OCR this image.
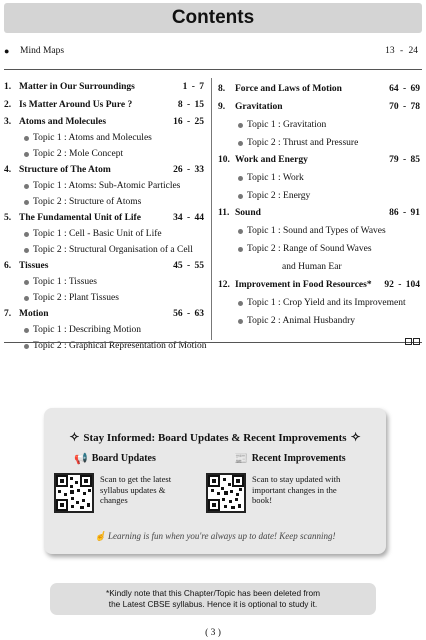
Contents
● Mind Maps	13 - 24
1. Matter in Our Surroundings	1 - 7
2. Is Matter Around Us Pure ?	8 - 15
3. Atoms and Molecules	16 - 25
Topic 1 : Atoms and Molecules
Topic 2 : Mole Concept
4. Structure of The Atom	26 - 33
Topic 1 : Atoms: Sub-Atomic Particles
Topic 2 : Structure of Atoms
5. The Fundamental Unit of Life	34 - 44
Topic 1 : Cell - Basic Unit of Life
Topic 2 : Structural Organisation of a Cell
6. Tissues	45 - 55
Topic 1 : Tissues
Topic 2 : Plant Tissues
7. Motion	56 - 63
Topic 1 : Describing Motion
Topic 2 : Graphical Representation of Motion
8.	Force and Laws of Motion	64 - 69
9.	Gravitation	70 - 78
Topic 1 : Gravitation
Topic 2 : Thrust and Pressure
10. Work and Energy	79 - 85
Topic 1 : Work
Topic 2 : Energy
11. Sound	86 - 91
Topic 1 : Sound and Types of Waves
Topic 2 : Range of Sound Waves
and Human Ear
12. Improvement in Food Resources*	92 - 104
Topic 1 : Crop Yield and its Improvement
Topic 2 : Animal Husbandry
✧ Stay Informed: Board Updates & Recent Improvements ✧
📢 Board Updates
Scan to get the latest
syllabus updates &
changes
📰 Recent Improvements
Scan to stay updated with
important changes in the
book!
☝ Learning is fun when you're always up to date! Keep scanning!
*Kindly note that this Chapter/Topic has been deleted from
the Latest CBSE syllabus. Hence it is optional to study it.
( 3 )
